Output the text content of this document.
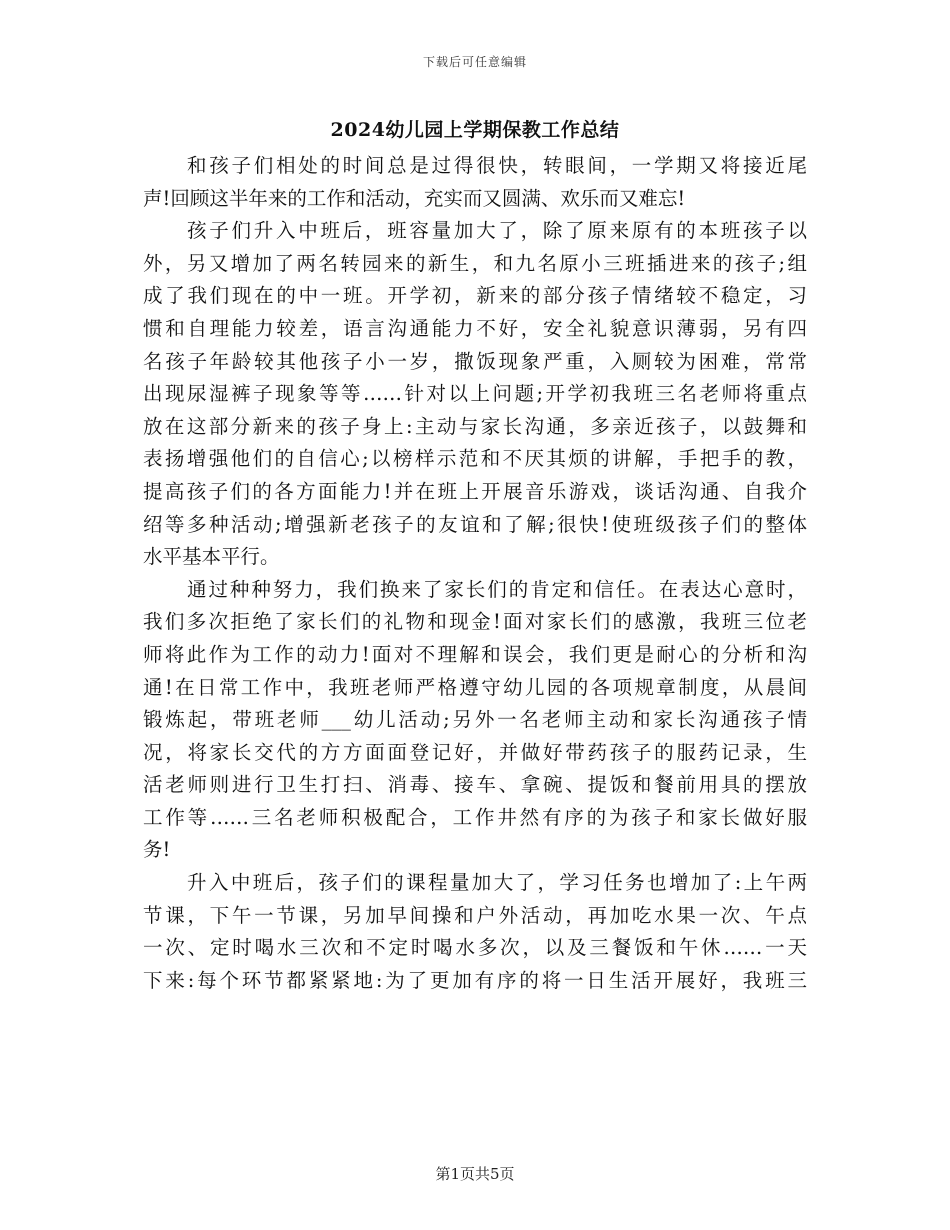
下载后可任意编辑
2024幼儿园上学期保教工作总结
和孩子们相处的时间总是过得很快，转眼间，一学期又将接近尾
声!回顾这半年来的工作和活动，充实而又圆满、欢乐而又难忘!
孩子们升入中班后，班容量加大了，除了原来原有的本班孩子以
外，另又增加了两名转园来的新生，和九名原小三班插进来的孩子;组
成了我们现在的中一班。开学初，新来的部分孩子情绪较不稳定，习
惯和自理能力较差，语言沟通能力不好，安全礼貌意识薄弱，另有四
名孩子年龄较其他孩子小一岁，撒饭现象严重，入厕较为困难，常常
出现尿湿裤子现象等等……针对以上问题;开学初我班三名老师将重点
放在这部分新来的孩子身上:主动与家长沟通，多亲近孩子，以鼓舞和
表扬增强他们的自信心;以榜样示范和不厌其烦的讲解，手把手的教，
提高孩子们的各方面能力!并在班上开展音乐游戏，谈话沟通、自我介
绍等多种活动;增强新老孩子的友谊和了解;很快!使班级孩子们的整体
水平基本平行。
通过种种努力，我们换来了家长们的肯定和信任。在表达心意时，
我们多次拒绝了家长们的礼物和现金!面对家长们的感激，我班三位老
师将此作为工作的动力!面对不理解和误会，我们更是耐心的分析和沟
通!在日常工作中，我班老师严格遵守幼儿园的各项规章制度，从晨间
锻炼起，带班老师___幼儿活动;另外一名老师主动和家长沟通孩子情
况，将家长交代的方方面面登记好，并做好带药孩子的服药记录，生
活老师则进行卫生打扫、消毒、接车、拿碗、提饭和餐前用具的摆放
工作等……三名老师积极配合，工作井然有序的为孩子和家长做好服
务!
升入中班后，孩子们的课程量加大了，学习任务也增加了:上午两
节课，下午一节课，另加早间操和户外活动，再加吃水果一次、午点
一次、定时喝水三次和不定时喝水多次，以及三餐饭和午休……一天
下来:每个环节都紧紧地:为了更加有序的将一日生活开展好，我班三
第1页共5页
